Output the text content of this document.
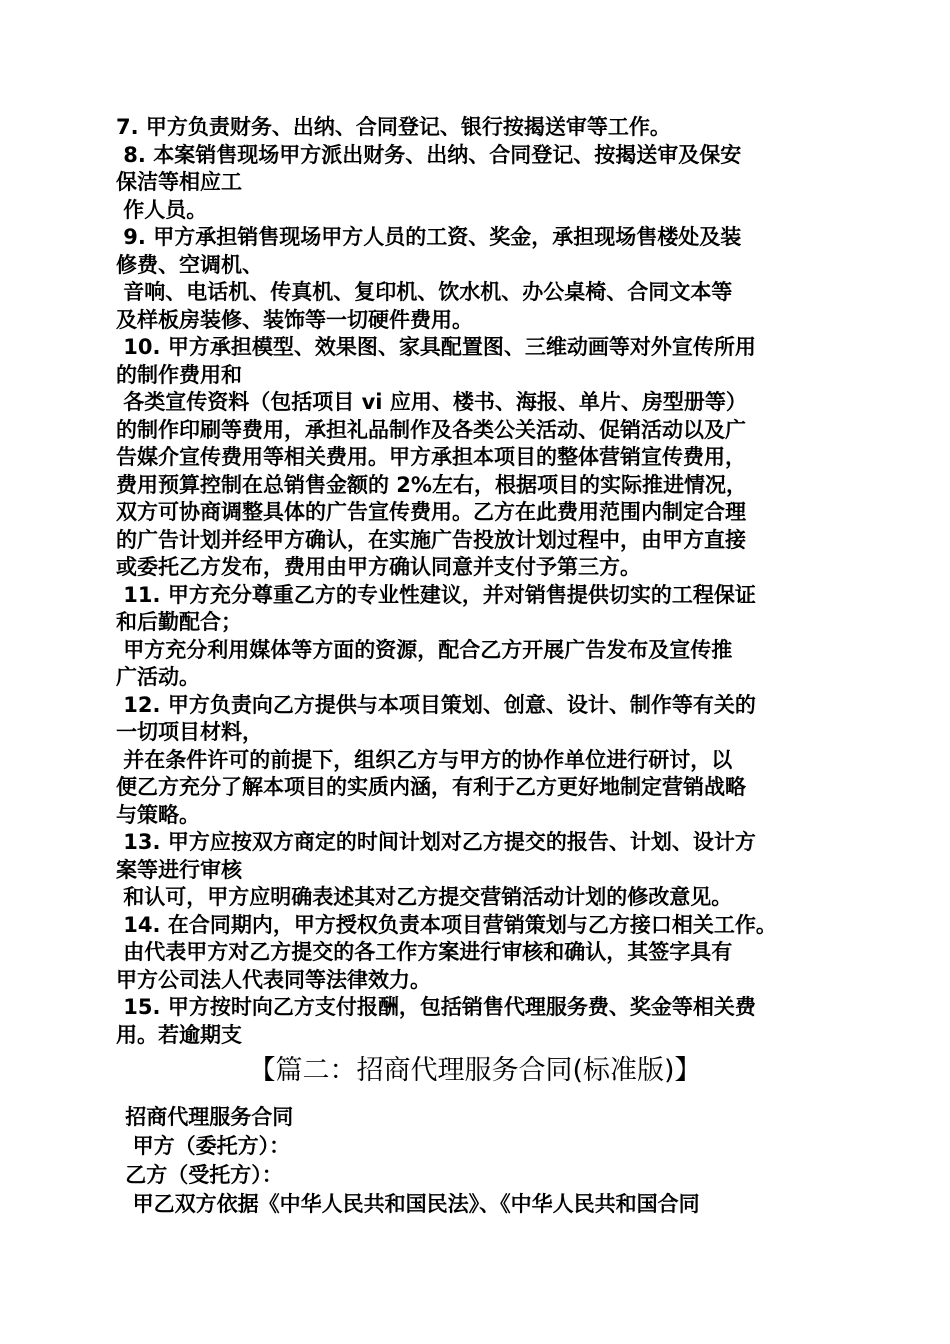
7. 甲方负责财务、出纳、合同登记、银行按揭送审等工作。
8. 本案销售现场甲方派出财务、出纳、合同登记、按揭送审及保安
保洁等相应工
作人员。
9. 甲方承担销售现场甲方人员的工资、奖金，承担现场售楼处及装
修费、空调机、
音响、电话机、传真机、复印机、饮水机、办公桌椅、合同文本等
及样板房装修、装饰等一切硬件费用。
10. 甲方承担模型、效果图、家具配置图、三维动画等对外宣传所用
的制作费用和
各类宣传资料（包括项目 vi 应用、楼书、海报、单片、房型册等）
的制作印刷等费用，承担礼品制作及各类公关活动、促销活动以及广
告媒介宣传费用等相关费用。甲方承担本项目的整体营销宣传费用，
费用预算控制在总销售金额的 2%左右，根据项目的实际推进情况，
双方可协商调整具体的广告宣传费用。乙方在此费用范围内制定合理
的广告计划并经甲方确认，在实施广告投放计划过程中，由甲方直接
或委托乙方发布，费用由甲方确认同意并支付予第三方。
11. 甲方充分尊重乙方的专业性建议，并对销售提供切实的工程保证
和后勤配合；
甲方充分利用媒体等方面的资源，配合乙方开展广告发布及宣传推
广活动。
12. 甲方负责向乙方提供与本项目策划、创意、设计、制作等有关的
一切项目材料，
并在条件许可的前提下，组织乙方与甲方的协作单位进行研讨，以
便乙方充分了解本项目的实质内涵，有利于乙方更好地制定营销战略
与策略。
13. 甲方应按双方商定的时间计划对乙方提交的报告、计划、设计方
案等进行审核
和认可，甲方应明确表述其对乙方提交营销活动计划的修改意见。
14. 在合同期内，甲方授权负责本项目营销策划与乙方接口相关工作。
由代表甲方对乙方提交的各工作方案进行审核和确认，其签字具有
甲方公司法人代表同等法律效力。
15. 甲方按时向乙方支付报酬，包括销售代理服务费、奖金等相关费
用。若逾期支
【篇二：招商代理服务合同(标准版)】
招商代理服务合同
甲方（委托方）：
乙方（受托方）：
甲乙双方依据《中华人民共和国民法》、《中华人民共和国合同
